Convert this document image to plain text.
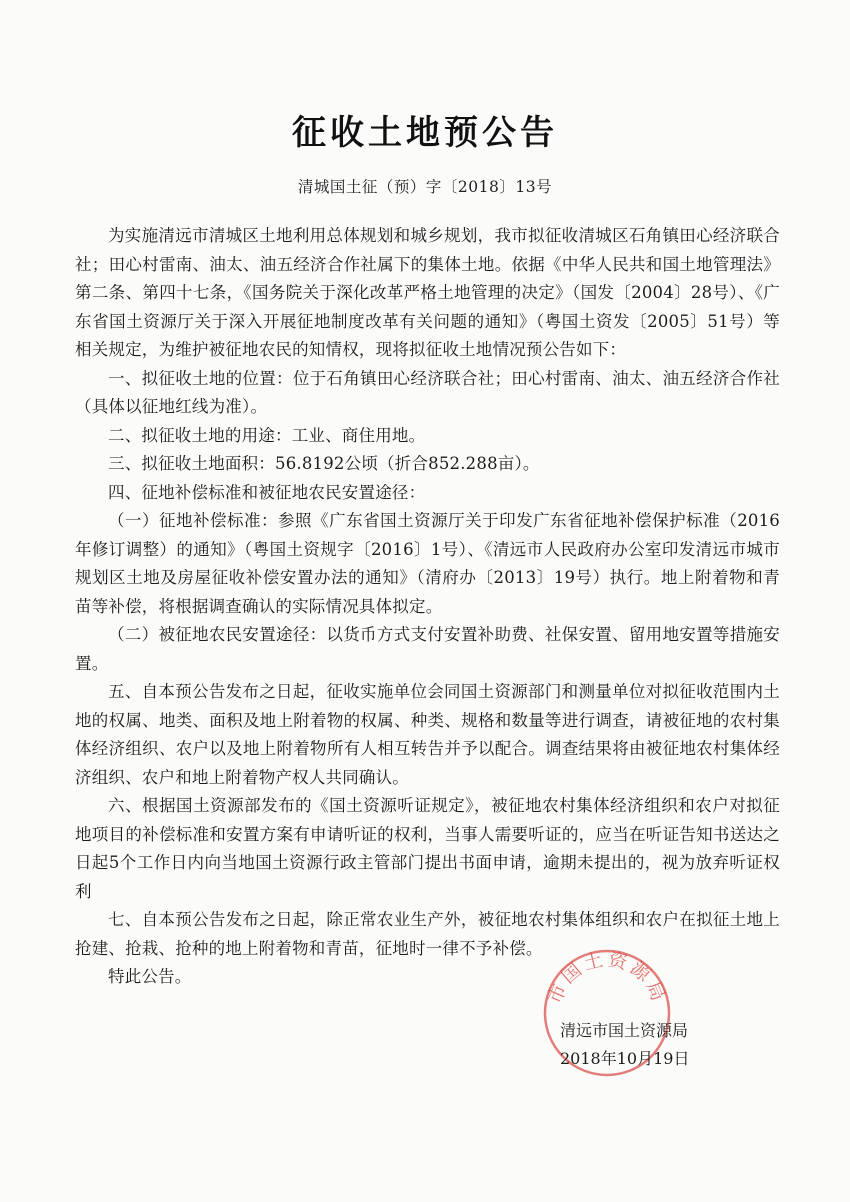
征收土地预公告
清城国土征（预）字〔2018〕13号

为实施清远市清城区土地利用总体规划和城乡规划，我市拟征收清城区石角镇田心经济联合社；田心村雷南、油太、油五经济合作社属下的集体土地。依据《中华人民共和国土地管理法》第二条、第四十七条，《国务院关于深化改革严格土地管理的决定》（国发〔2004〕28号）、《广东省国土资源厅关于深入开展征地制度改革有关问题的通知》（粤国土资发〔2005〕51号）等相关规定，为维护被征地农民的知情权，现将拟征收土地情况预公告如下：

一、拟征收土地的位置：位于石角镇田心经济联合社；田心村雷南、油太、油五经济合作社（具体以征地红线为准）。

二、拟征收土地的用途：工业、商住用地。

三、拟征收土地面积：56.8192公顷（折合852.288亩）。

四、征地补偿标准和被征地农民安置途径：

（一）征地补偿标准：参照《广东省国土资源厅关于印发广东省征地补偿保护标准（2016年修订调整）的通知》（粤国土资规字〔2016〕1号）、《清远市人民政府办公室印发清远市城市规划区土地及房屋征收补偿安置办法的通知》（清府办〔2013〕19号）执行。地上附着物和青苗等补偿，将根据调查确认的实际情况具体拟定。

（二）被征地农民安置途径：以货币方式支付安置补助费、社保安置、留用地安置等措施安置。

五、自本预公告发布之日起，征收实施单位会同国土资源部门和测量单位对拟征收范围内土地的权属、地类、面积及地上附着物的权属、种类、规格和数量等进行调查，请被征地的农村集体经济组织、农户以及地上附着物所有人相互转告并予以配合。调查结果将由被征地农村集体经济组织、农户和地上附着物产权人共同确认。

六、根据国土资源部发布的《国土资源听证规定》，被征地农村集体经济组织和农户对拟征地项目的补偿标准和安置方案有申请听证的权利，当事人需要听证的，应当在听证告知书送达之日起5个工作日内向当地国土资源行政主管部门提出书面申请，逾期未提出的，视为放弃听证权利

七、自本预公告发布之日起，除正常农业生产外，被征地农村集体组织和农户在拟征土地上抢建、抢栽、抢种的地上附着物和青苗，征地时一律不予补偿。

特此公告。

市国土资源局
清远市国土资源局
2018年10月19日
